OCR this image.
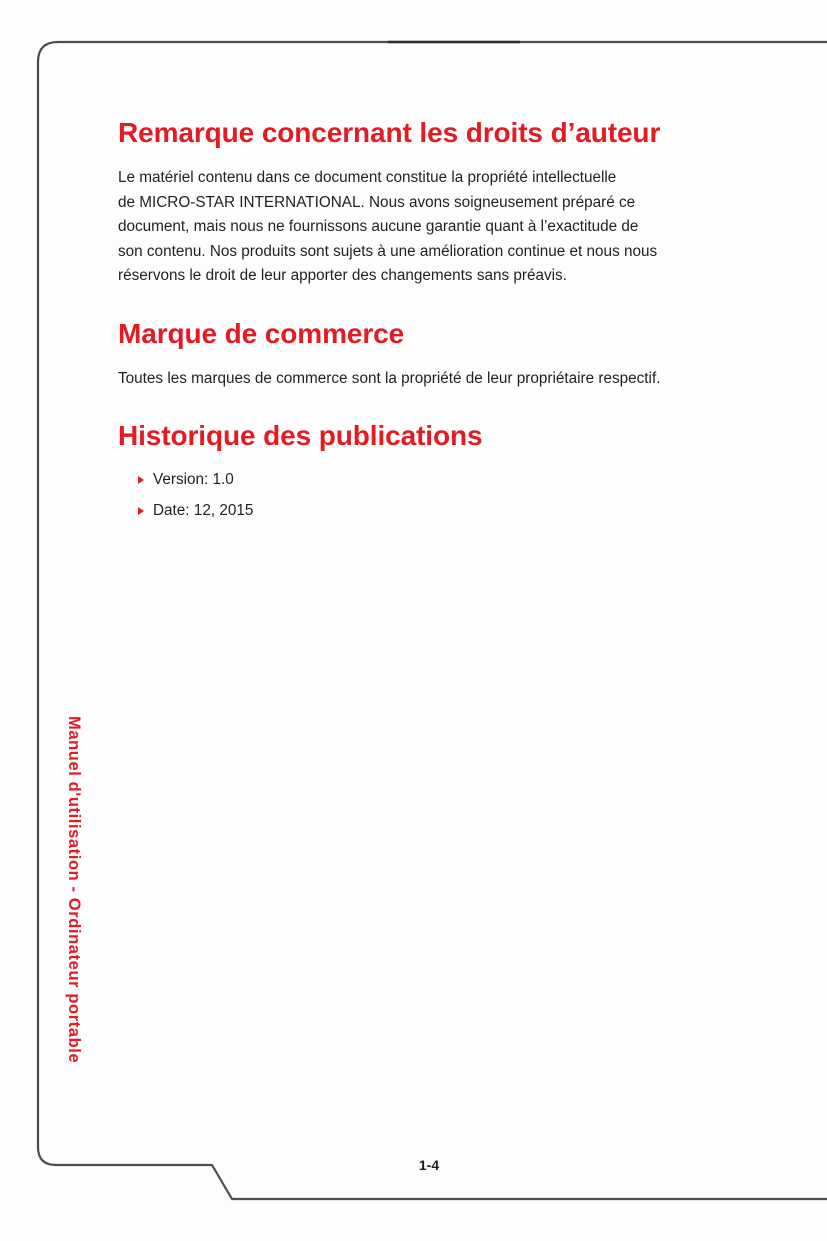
Remarque concernant les droits d’auteur
Le matériel contenu dans ce document constitue la propriété intellectuelle
de MICRO-STAR INTERNATIONAL. Nous avons soigneusement préparé ce
document, mais nous ne fournissons aucune garantie quant à l’exactitude de
son contenu. Nos produits sont sujets à une amélioration continue et nous nous
réservons le droit de leur apporter des changements sans préavis.
Marque de commerce
Toutes les marques de commerce sont la propriété de leur propriétaire respectif.
Historique des publications
Version: 1.0
Date: 12, 2015
Manuel d'utilisation - Ordinateur portable
1-4
